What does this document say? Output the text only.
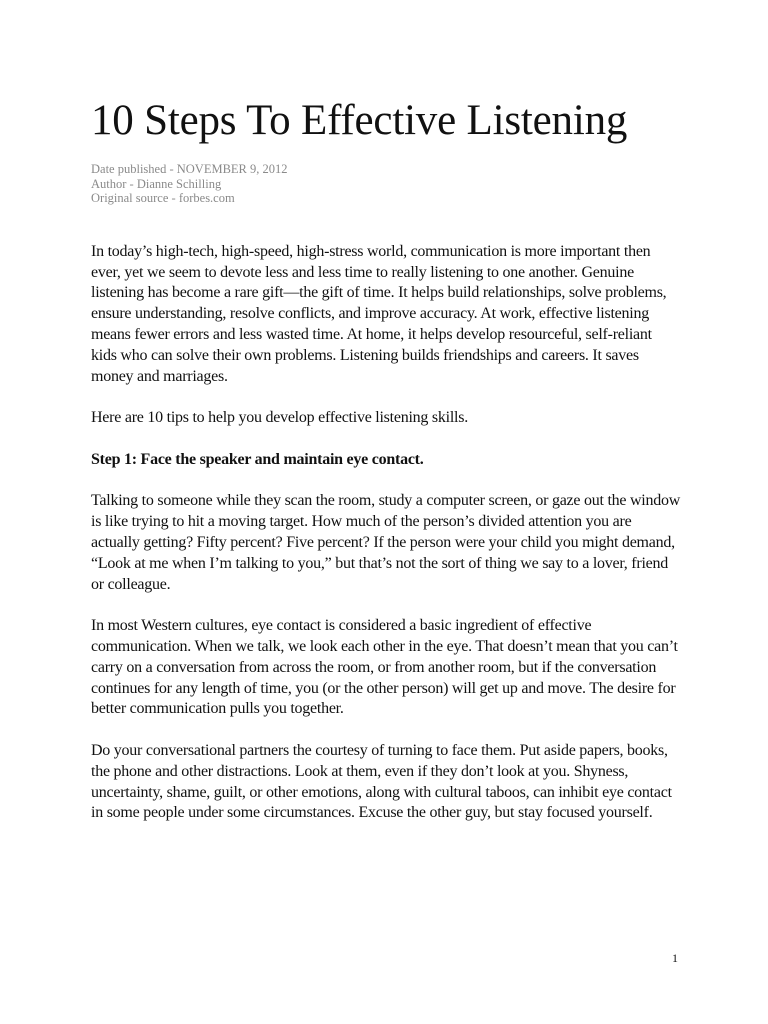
10 Steps To Effective Listening
Date published - NOVEMBER 9, 2012
Author - Dianne Schilling
Original source - forbes.com

In today’s high-tech, high-speed, high-stress world, communication is more important then ever, yet we seem to devote less and less time to really listening to one another. Genuine listening has become a rare gift—the gift of time. It helps build relationships, solve problems, ensure understanding, resolve conflicts, and improve accuracy. At work, effective listening means fewer errors and less wasted time. At home, it helps develop resourceful, self-reliant kids who can solve their own problems. Listening builds friendships and careers. It saves money and marriages.

Here are 10 tips to help you develop effective listening skills.

Step 1: Face the speaker and maintain eye contact.

Talking to someone while they scan the room, study a computer screen, or gaze out the window is like trying to hit a moving target. How much of the person’s divided attention you are actually getting? Fifty percent? Five percent? If the person were your child you might demand, “Look at me when I’m talking to you,” but that’s not the sort of thing we say to a lover, friend or colleague.

In most Western cultures, eye contact is considered a basic ingredient of effective communication. When we talk, we look each other in the eye. That doesn’t mean that you can’t carry on a conversation from across the room, or from another room, but if the conversation continues for any length of time, you (or the other person) will get up and move. The desire for better communication pulls you together.

Do your conversational partners the courtesy of turning to face them. Put aside papers, books, the phone and other distractions. Look at them, even if they don’t look at you. Shyness, uncertainty, shame, guilt, or other emotions, along with cultural taboos, can inhibit eye contact in some people under some circumstances. Excuse the other guy, but stay focused yourself.

1
